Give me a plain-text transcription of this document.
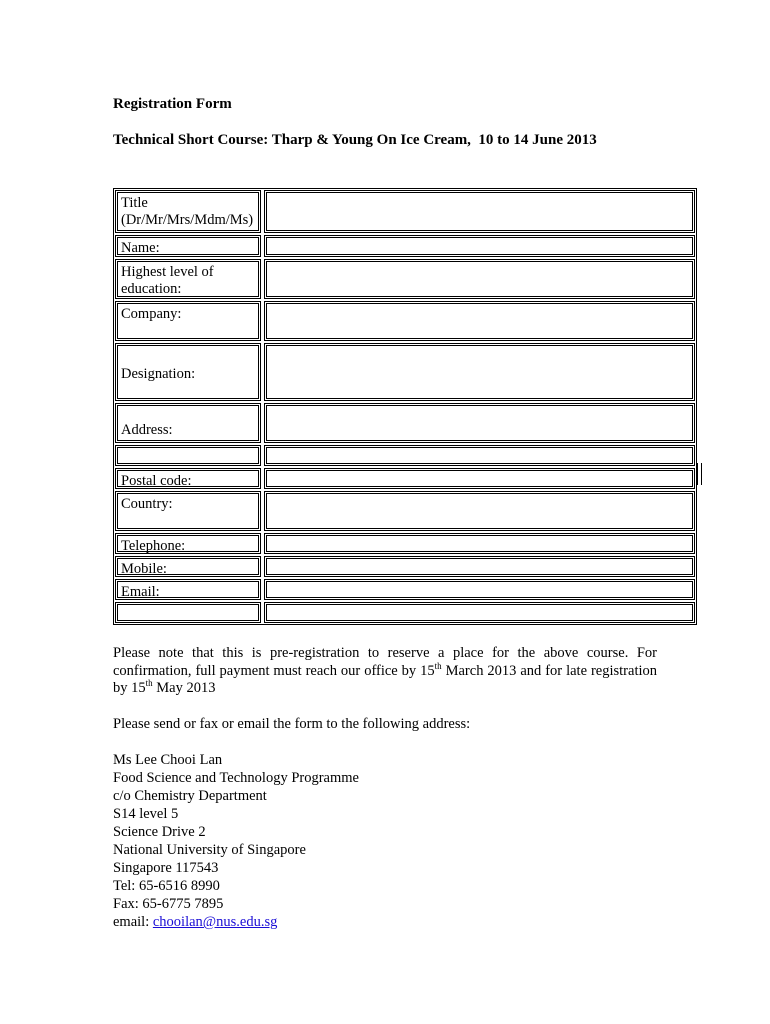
Registration Form
Technical Short Course: Tharp & Young On Ice Cream,  10 to 14 June 2013
Title (Dr/Mr/Mrs/Mdm/Ms)
Name:
Highest level of education:
Company:
Designation:
Address:
Postal code:
Country:
Telephone:
Mobile:
Email:
Please note that this is pre-registration to reserve a place for the above course. For confirmation, full payment must reach our office by 15th March 2013 and for late registration by 15th May 2013
Please send or fax or email the form to the following address:
Ms Lee Chooi Lan
Food Science and Technology Programme
c/o Chemistry Department
S14 level 5
Science Drive 2
National University of Singapore
Singapore 117543
Tel: 65-6516 8990
Fax: 65-6775 7895
email: chooilan@nus.edu.sg
